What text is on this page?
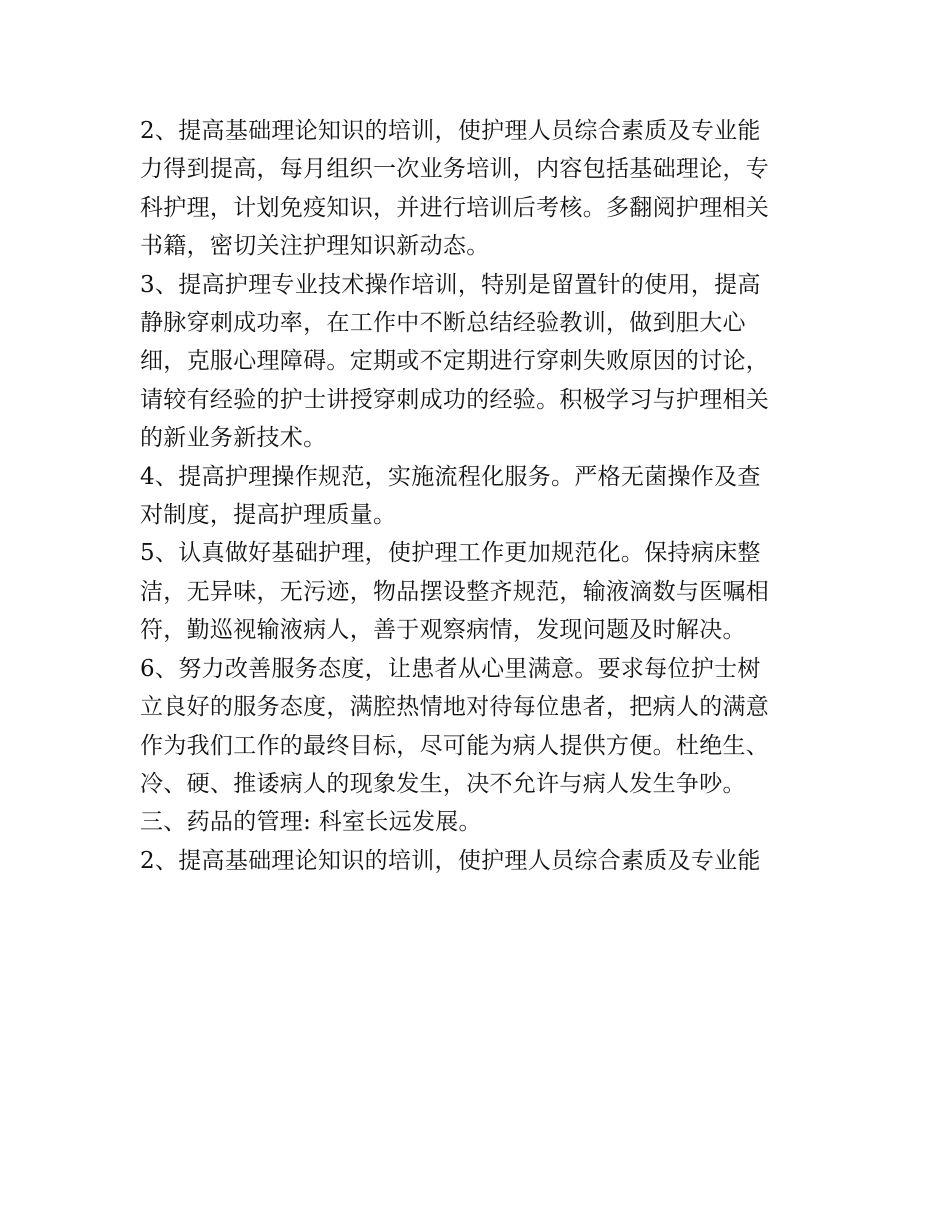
2、提高基础理论知识的培训，使护理人员综合素质及专业能
力得到提高，每月组织一次业务培训，内容包括基础理论，专
科护理，计划免疫知识，并进行培训后考核。多翻阅护理相关
书籍，密切关注护理知识新动态。
3、提高护理专业技术操作培训，特别是留置针的使用，提高
静脉穿刺成功率，在工作中不断总结经验教训，做到胆大心
细，克服心理障碍。定期或不定期进行穿刺失败原因的讨论，
请较有经验的护士讲授穿刺成功的经验。积极学习与护理相关
的新业务新技术。
4、提高护理操作规范，实施流程化服务。严格无菌操作及查
对制度，提高护理质量。
5、认真做好基础护理，使护理工作更加规范化。保持病床整
洁，无异味，无污迹，物品摆设整齐规范，输液滴数与医嘱相
符，勤巡视输液病人，善于观察病情，发现问题及时解决。
6、努力改善服务态度，让患者从心里满意。要求每位护士树
立良好的服务态度，满腔热情地对待每位患者，把病人的满意
作为我们工作的最终目标，尽可能为病人提供方便。杜绝生、
冷、硬、推诿病人的现象发生，决不允许与病人发生争吵。
三、药品的管理: 科室长远发展。
2、提高基础理论知识的培训，使护理人员综合素质及专业能
